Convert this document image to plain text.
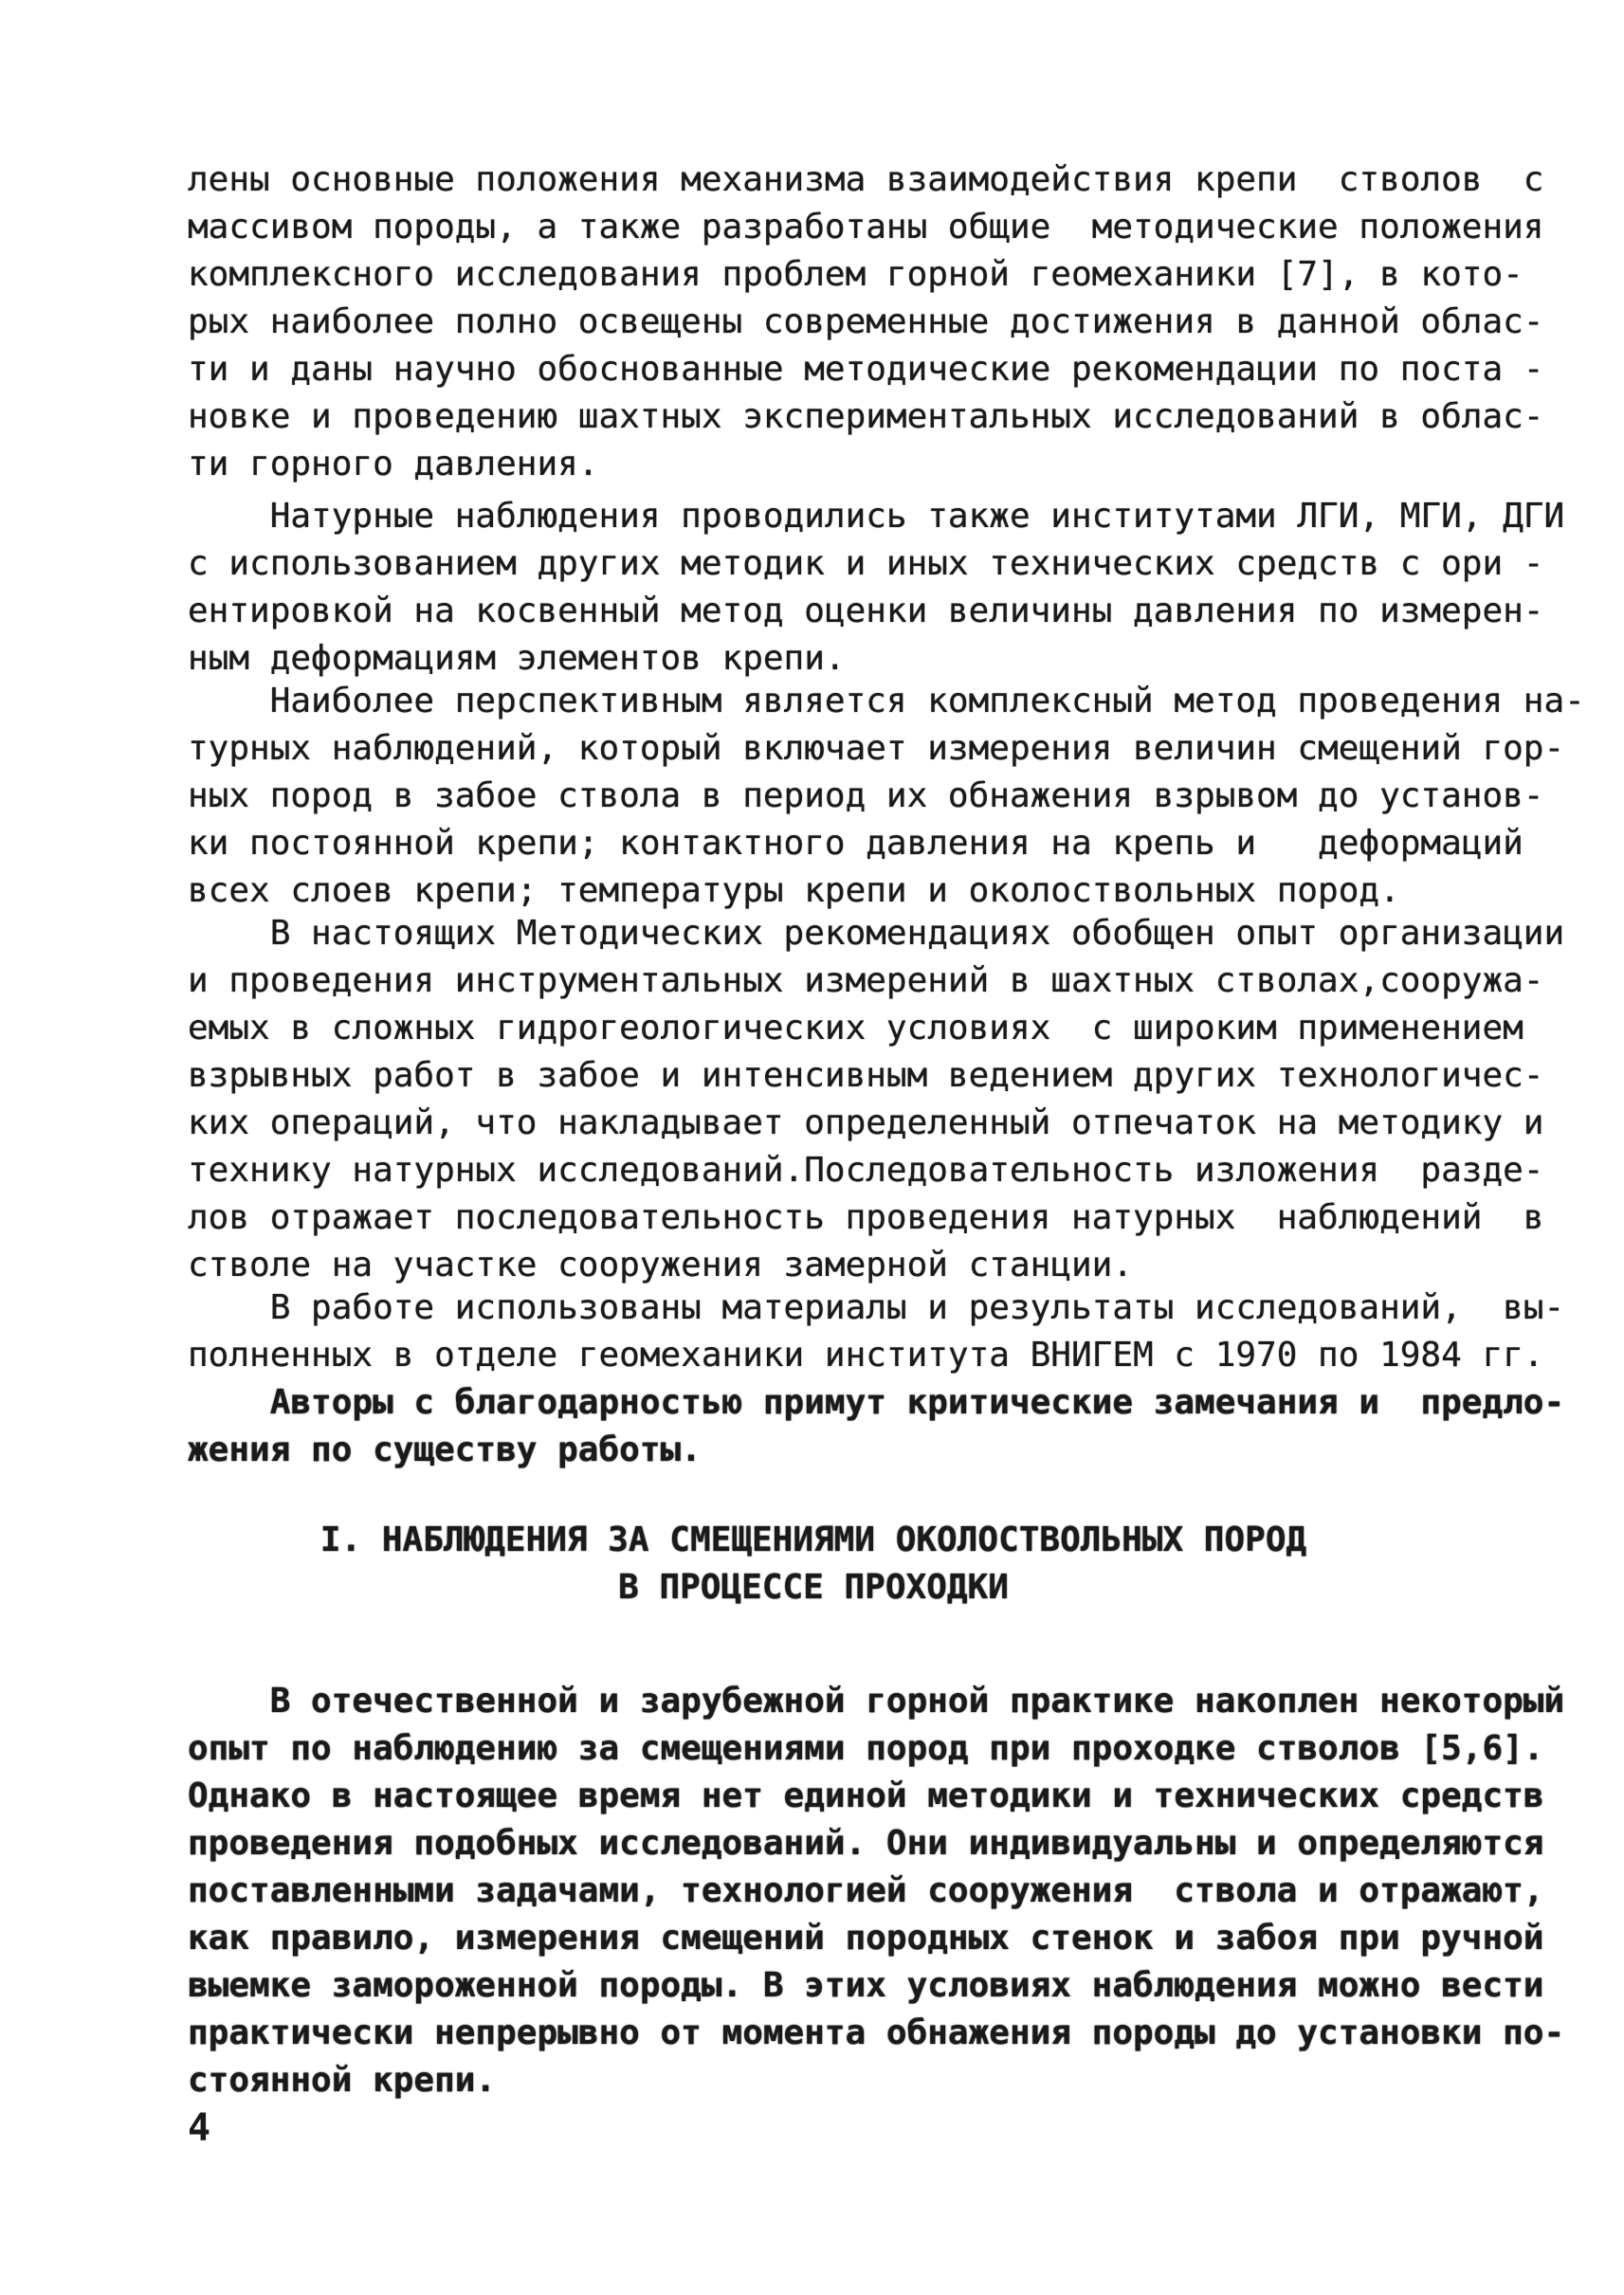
лены основные положения механизма взаимодействия крепи  стволов  с
массивом породы, а также разработаны общие  методические положения
комплексного исследования проблем горной геомеханики [7], в кото-
рых наиболее полно освещены современные достижения в данной облас-
ти и даны научно обоснованные методические рекомендации по поста -
новке и проведению шахтных экспериментальных исследований в облас-
ти горного давления.
Натурные наблюдения проводились также институтами ЛГИ, МГИ, ДГИ
с использованием других методик и иных технических средств с ори -
ентировкой на косвенный метод оценки величины давления по измерен-
ным деформациям элементов крепи.
Наиболее перспективным является комплексный метод проведения на-
турных наблюдений, который включает измерения величин смещений гор-
ных пород в забое ствола в период их обнажения взрывом до установ-
ки постоянной крепи; контактного давления на крепь и   деформаций
всех слоев крепи; температуры крепи и околоствольных пород.
В настоящих Методических рекомендациях обобщен опыт организации
и проведения инструментальных измерений в шахтных стволах,сооружа-
емых в сложных гидрогеологических условиях  с широким применением
взрывных работ в забое и интенсивным ведением других технологичес-
ких операций, что накладывает определенный отпечаток на методику и
технику натурных исследований.Последовательность изложения  разде-
лов отражает последовательность проведения натурных  наблюдений  в
стволе на участке сооружения замерной станции.
В работе использованы материалы и результаты исследований,  вы-
полненных в отделе геомеханики института ВНИГЕМ с 1970 по 1984 гг.
Авторы с благодарностью примут критические замечания и  предло-
жения по существу работы.
I. НАБЛЮДЕНИЯ ЗА СМЕЩЕНИЯМИ ОКОЛОСТВОЛЬНЫХ ПОРОД
В ПРОЦЕССЕ ПРОХОДКИ
В отечественной и зарубежной горной практике накоплен некоторый
опыт по наблюдению за смещениями пород при проходке стволов [5,6].
Однако в настоящее время нет единой методики и технических средств
проведения подобных исследований. Они индивидуальны и определяются
поставленными задачами, технологией сооружения  ствола и отражают,
как правило, измерения смещений породных стенок и забоя при ручной
выемке замороженной породы. В этих условиях наблюдения можно вести
практически непрерывно от момента обнажения породы до установки по-
стоянной крепи.
4
